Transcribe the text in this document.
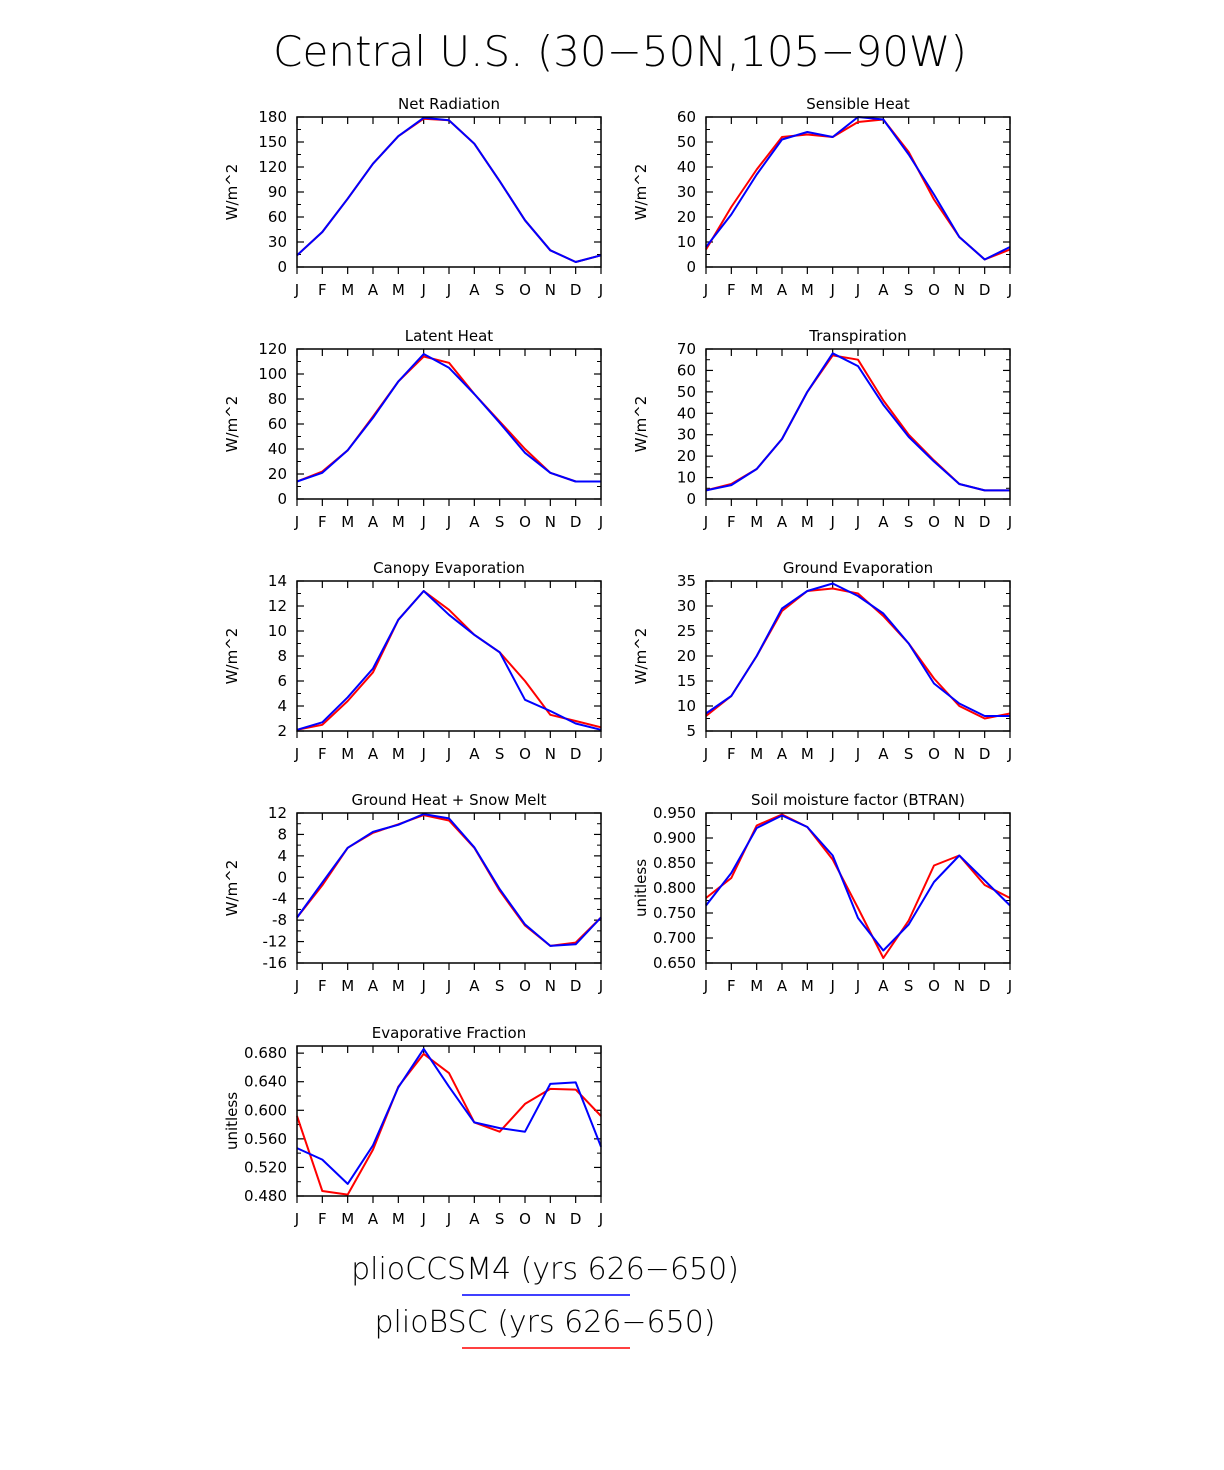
Central U.S. (30−50N,105−90W)
Net Radiation
W/m^2
0
30
60
90
120
150
180
J F M A M J J A S O N D J
Sensible Heat
W/m^2
0
10
20
30
40
50
60
J F M A M J J A S O N D J
Latent Heat
W/m^2
0
20
40
60
80
100
120
J F M A M J J A S O N D J
Transpiration
W/m^2
0
10
20
30
40
50
60
70
J F M A M J J A S O N D J
Canopy Evaporation
W/m^2
2
4
6
8
10
12
14
J F M A M J J A S O N D J
Ground Evaporation
W/m^2
5
10
15
20
25
30
35
J F M A M J J A S O N D J
Ground Heat + Snow Melt
W/m^2
-16
-12
-8
-4
0
4
8
12
J F M A M J J A S O N D J
Soil moisture factor (BTRAN)
unitless
0.650
0.700
0.750
0.800
0.850
0.900
0.950
J F M A M J J A S O N D J
Evaporative Fraction
unitless
0.480
0.520
0.560
0.600
0.640
0.680
J F M A M J J A S O N D J
plioCCSM4 (yrs 626−650)
plioBSC (yrs 626−650)
